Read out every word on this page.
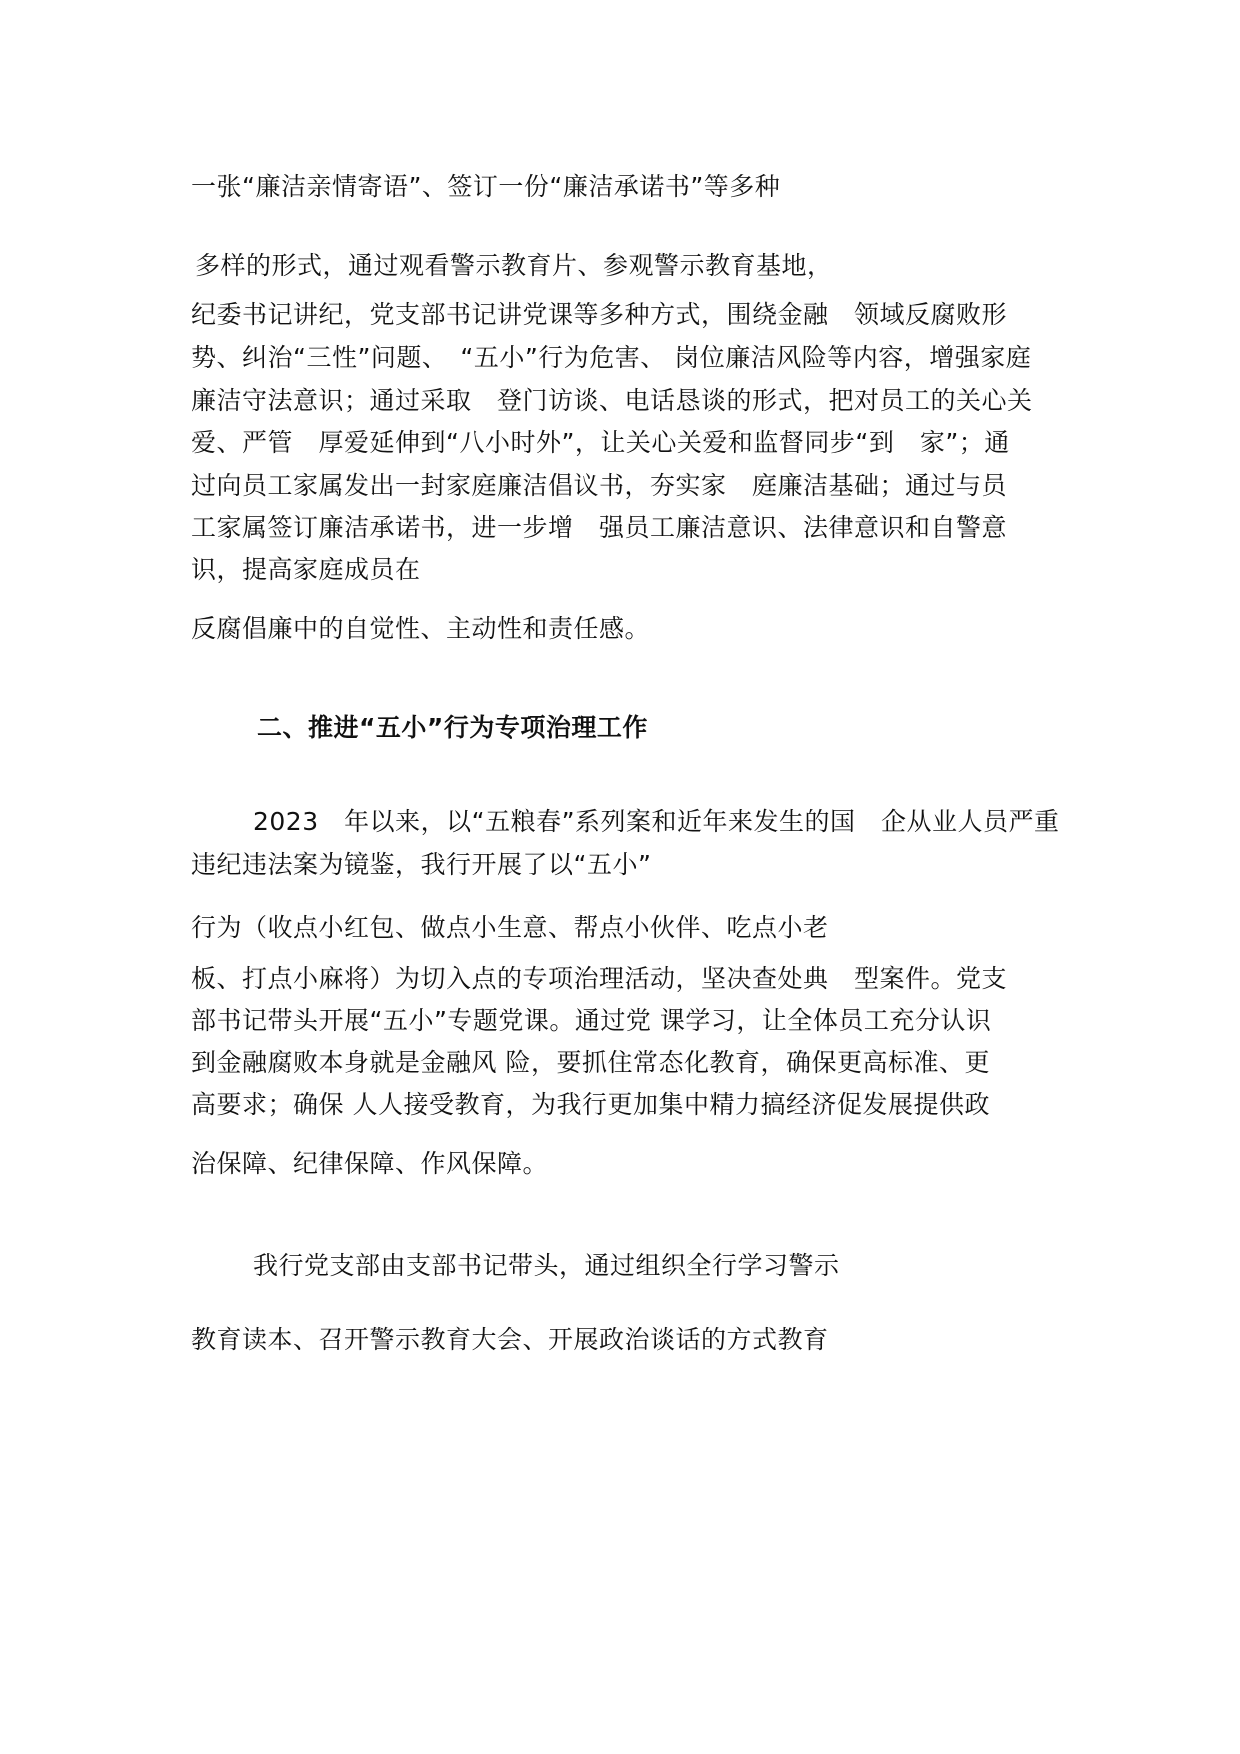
一张“廉洁亲情寄语”、签订一份“廉洁承诺书”等多种
多样的形式，通过观看警示教育片、参观警示教育基地，
纪委书记讲纪，党支部书记讲党课等多种方式，围绕金融　领域反腐败形
势、纠治“三性”问题、　“五小”行为危害、 岗位廉洁风险等内容，增强家庭
廉洁守法意识；通过采取　登门访谈、电话恳谈的形式，把对员工的关心关
爱、严管　厚爱延伸到“八小时外”，让关心关爱和监督同步“到　家”；通
过向员工家属发出一封家庭廉洁倡议书，夯实家　庭廉洁基础；通过与员
工家属签订廉洁承诺书，进一步增　强员工廉洁意识、法律意识和自警意
识，提高家庭成员在
反腐倡廉中的自觉性、主动性和责任感。
二、推进“五小”行为专项治理工作
2023　年以来，以“五粮春”系列案和近年来发生的国　企从业人员严重
违纪违法案为镜鉴，我行开展了以“五小”
行为（收点小红包、做点小生意、帮点小伙伴、吃点小老
板、打点小麻将）为切入点的专项治理活动，坚决查处典　型案件。党支
部书记带头开展“五小”专题党课。通过党 课学习，让全体员工充分认识
到金融腐败本身就是金融风 险，要抓住常态化教育，确保更高标准、更
高要求；确保 人人接受教育，为我行更加集中精力搞经济促发展提供政
治保障、纪律保障、作风保障。
我行党支部由支部书记带头，通过组织全行学习警示
教育读本、召开警示教育大会、开展政治谈话的方式教育
